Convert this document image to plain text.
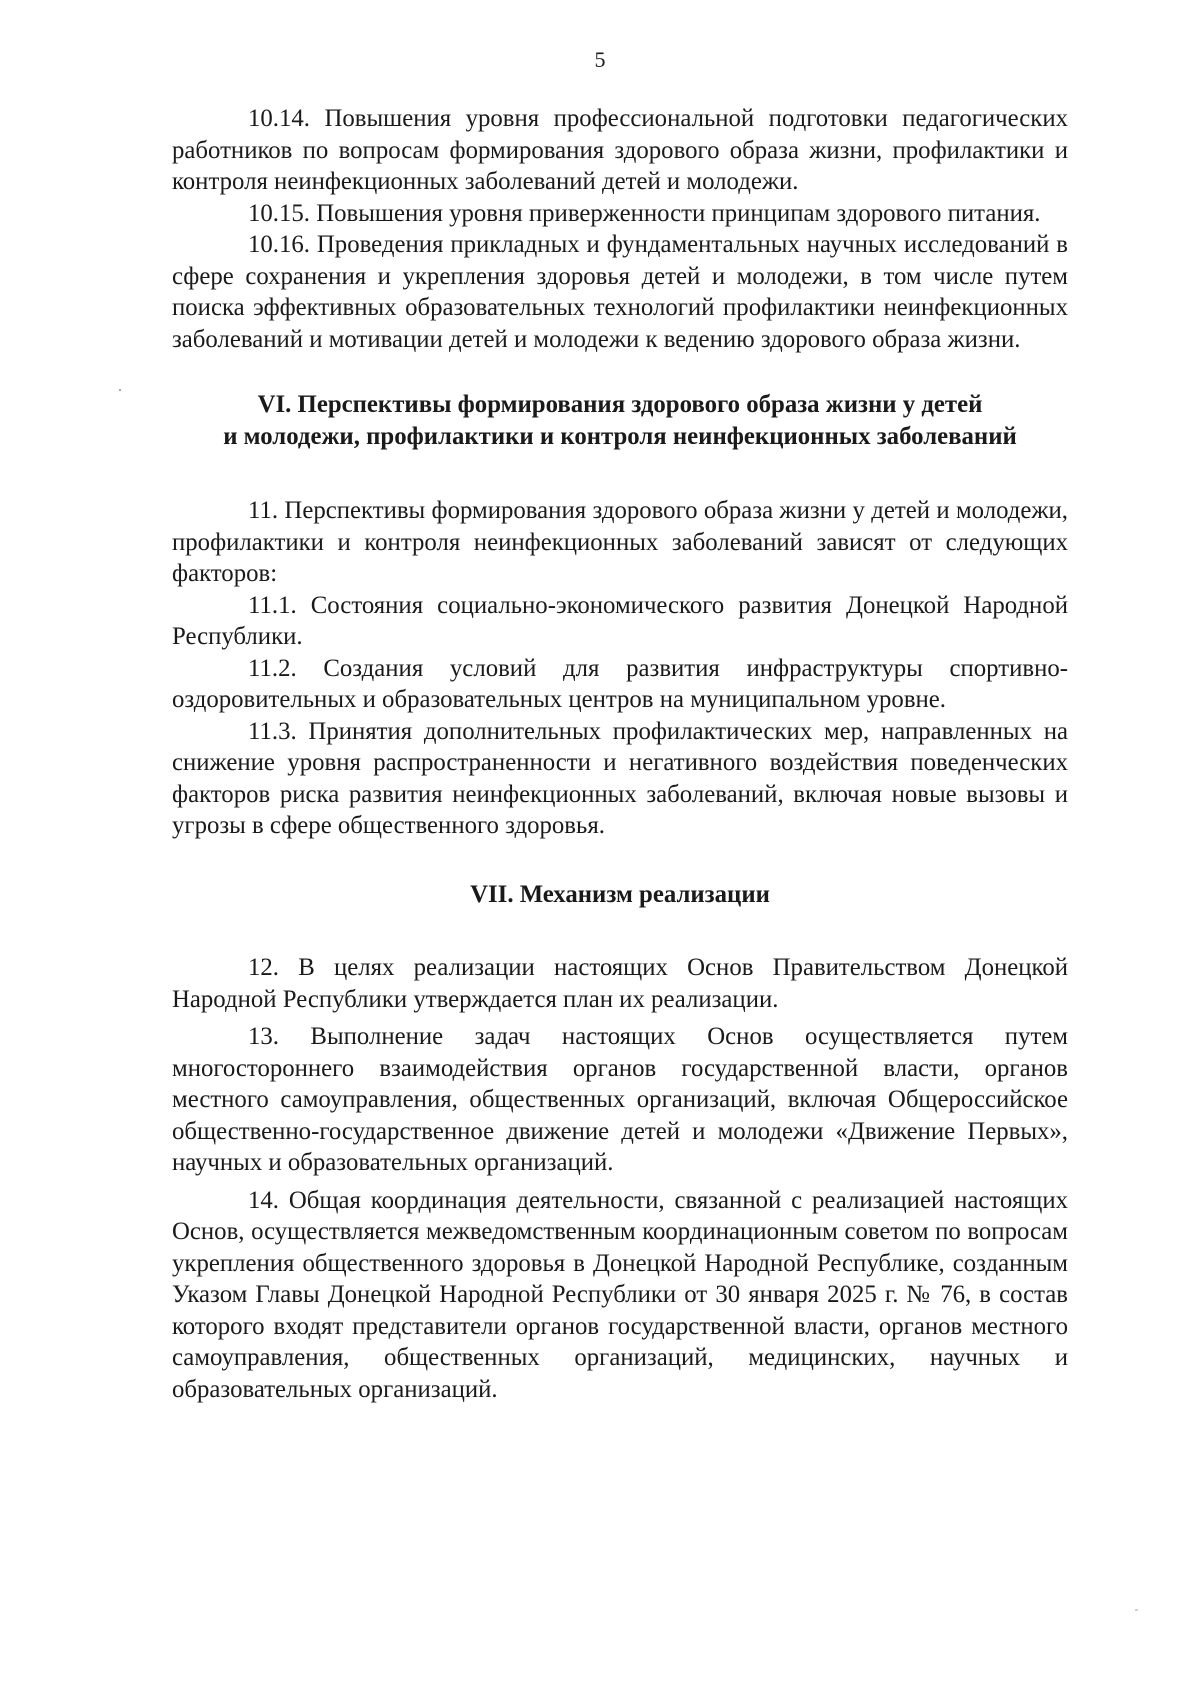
5

10.14. Повышения уровня профессиональной подготовки педагогических работников по вопросам формирования здорового образа жизни, профилактики и контроля неинфекционных заболеваний детей и молодежи.

10.15. Повышения уровня приверженности принципам здорового питания.

10.16. Проведения прикладных и фундаментальных научных исследований в сфере сохранения и укрепления здоровья детей и молодежи, в том числе путем поиска эффективных образовательных технологий профилактики неинфекционных заболеваний и мотивации детей и молодежи к ведению здорового образа жизни.

VI. Перспективы формирования здорового образа жизни у детей
и молодежи, профилактики и контроля неинфекционных заболеваний

11. Перспективы формирования здорового образа жизни у детей и молодежи, профилактики и контроля неинфекционных заболеваний зависят от следующих факторов:

11.1. Состояния социально-экономического развития Донецкой Народной Республики.

11.2. Создания условий для развития инфраструктуры спортивно-оздоровительных и образовательных центров на муниципальном уровне.

11.3. Принятия дополнительных профилактических мер, направленных на снижение уровня распространенности и негативного воздействия поведенческих факторов риска развития неинфекционных заболеваний, включая новые вызовы и угрозы в сфере общественного здоровья.

VII. Механизм реализации

12. В целях реализации настоящих Основ Правительством Донецкой Народной Республики утверждается план их реализации.

13. Выполнение задач настоящих Основ осуществляется путем многостороннего взаимодействия органов государственной власти, органов местного самоуправления, общественных организаций, включая Общероссийское общественно-государственное движение детей и молодежи «Движение Первых», научных и образовательных организаций.

14. Общая координация деятельности, связанной с реализацией настоящих Основ, осуществляется межведомственным координационным советом по вопросам укрепления общественного здоровья в Донецкой Народной Республике, созданным Указом Главы Донецкой Народной Республики от 30 января 2025 г. № 76, в состав которого входят представители органов государственной власти, органов местного самоуправления, общественных организаций, медицинских, научных и образовательных организаций.
